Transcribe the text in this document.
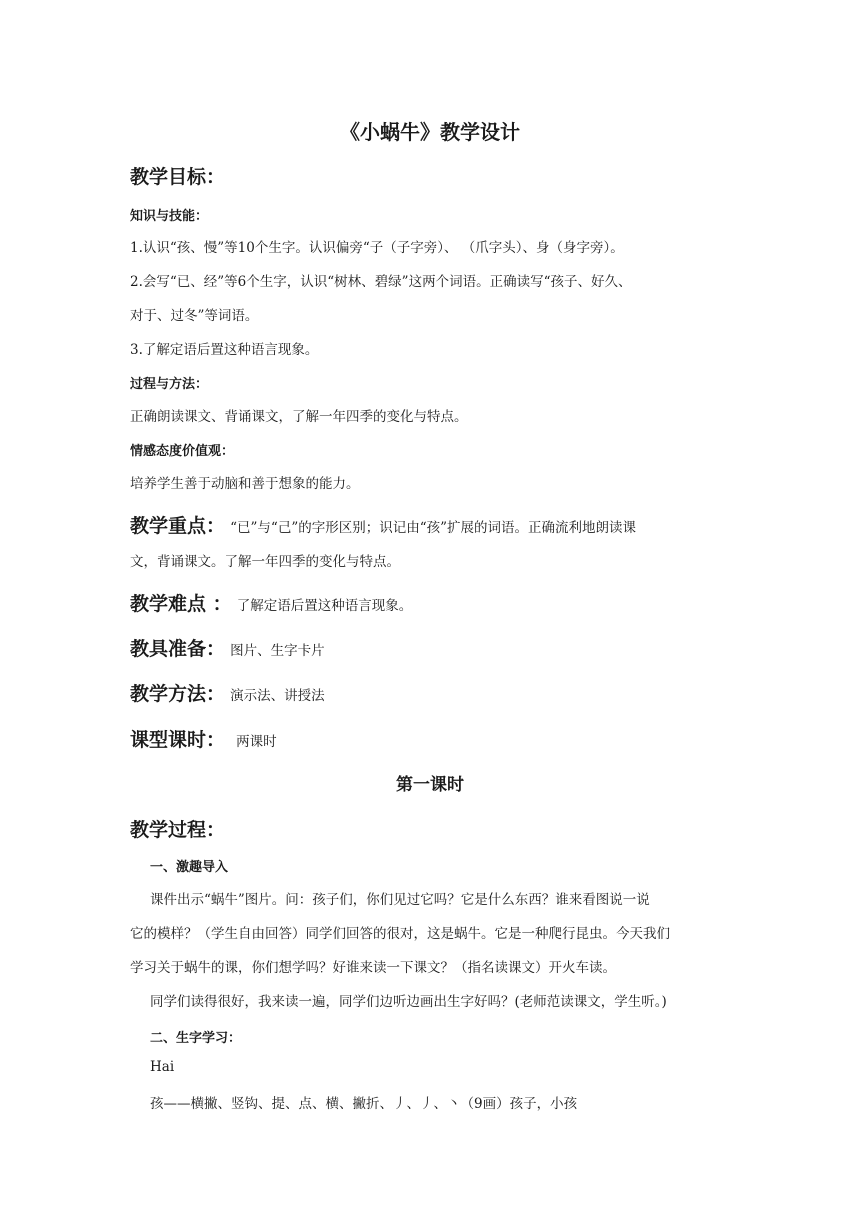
《小蜗牛》教学设计
教学目标：
知识与技能：
1.认识“孩、慢”等10个生字。认识偏旁“子（子字旁）、 （爪字头）、身（身字旁）。
2.会写“已、经”等6个生字，认识“树林、碧绿”这两个词语。正确读写“孩子、好久、
对于、过冬”等词语。
3.了解定语后置这种语言现象。
过程与方法：
正确朗读课文、背诵课文，了解一年四季的变化与特点。
情感态度价值观：
培养学生善于动脑和善于想象的能力。
教学重点： “已”与“己”的字形区别；识记由“孩”扩展的词语。正确流利地朗读课
文，背诵课文。了解一年四季的变化与特点。
教学难点 ： 了解定语后置这种语言现象。
教具准备： 图片、生字卡片
教学方法： 演示法、讲授法
课型课时： 两课时
第一课时
教学过程：
一、激趣导入
课件出示“蜗牛”图片。问：孩子们，你们见过它吗？它是什么东西？谁来看图说一说
它的模样？（学生自由回答）同学们回答的很对，这是蜗牛。它是一种爬行昆虫。今天我们
学习关于蜗牛的课，你们想学吗？好谁来读一下课文？（指名读课文）开火车读。
同学们读得很好，我来读一遍，同学们边听边画出生字好吗？(老师范读课文，学生听。)
二、生字学习：
Hai
孩——横撇、竖钩、提、点、横、撇折、丿、丿、丶（9画）孩子，小孩
